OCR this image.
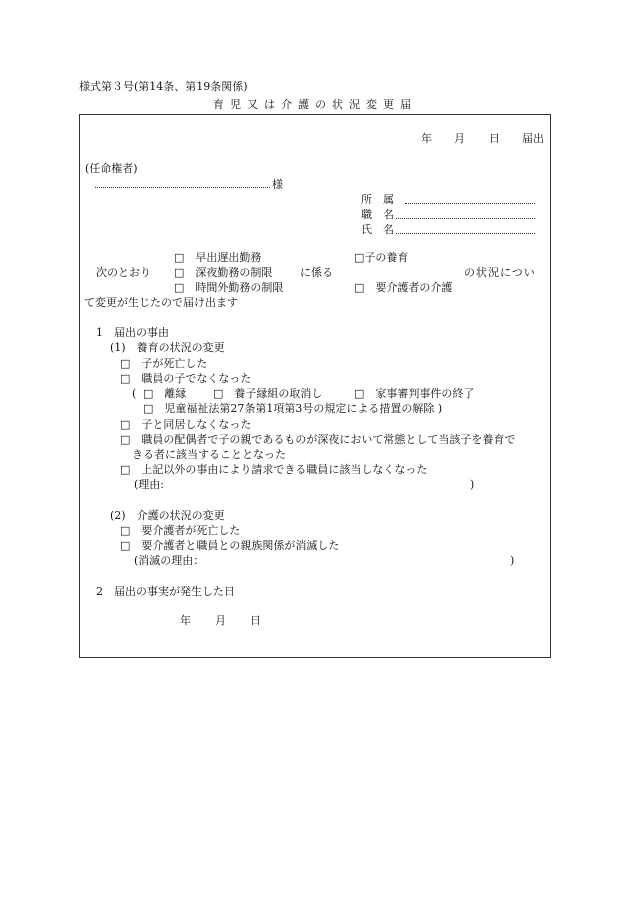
様式第３号(第14条、第19条関係)
育児又は介護の状況変更届
年 月 日 届出
(任命権者)
様
所　属
職　名
氏　名
□　 早出遅出勤務	□子の養育
次のとおり □　 深夜勤務の制限	に係る	の状況につい
□　 時間外勤務の制限	□　 要介護者の介護
て変更が生じたので届け出ます
1　届出の事由
(1)　養育の状況の変更
□　 子が死亡した
□　 職員の子でなくなった
( □　 離縁 □　 養子縁組の取消し	□　 家事審判事件の終了
□　 児童福祉法第27条第1項第3号の規定による措置の解除 )
□　 子と同居しなくなった
□　 職員の配偶者で子の親であるものが深夜において常態として当該子を養育で
きる者に該当することとなった
□　 上記以外の事由により請求できる職員に該当しなくなった
(理由:	)
(2)　介護の状況の変更
□　 要介護者が死亡した
□　 要介護者と職員との親族関係が消滅した
(消滅の理由：	)
2　届出の事実が発生した日
年 月 日
